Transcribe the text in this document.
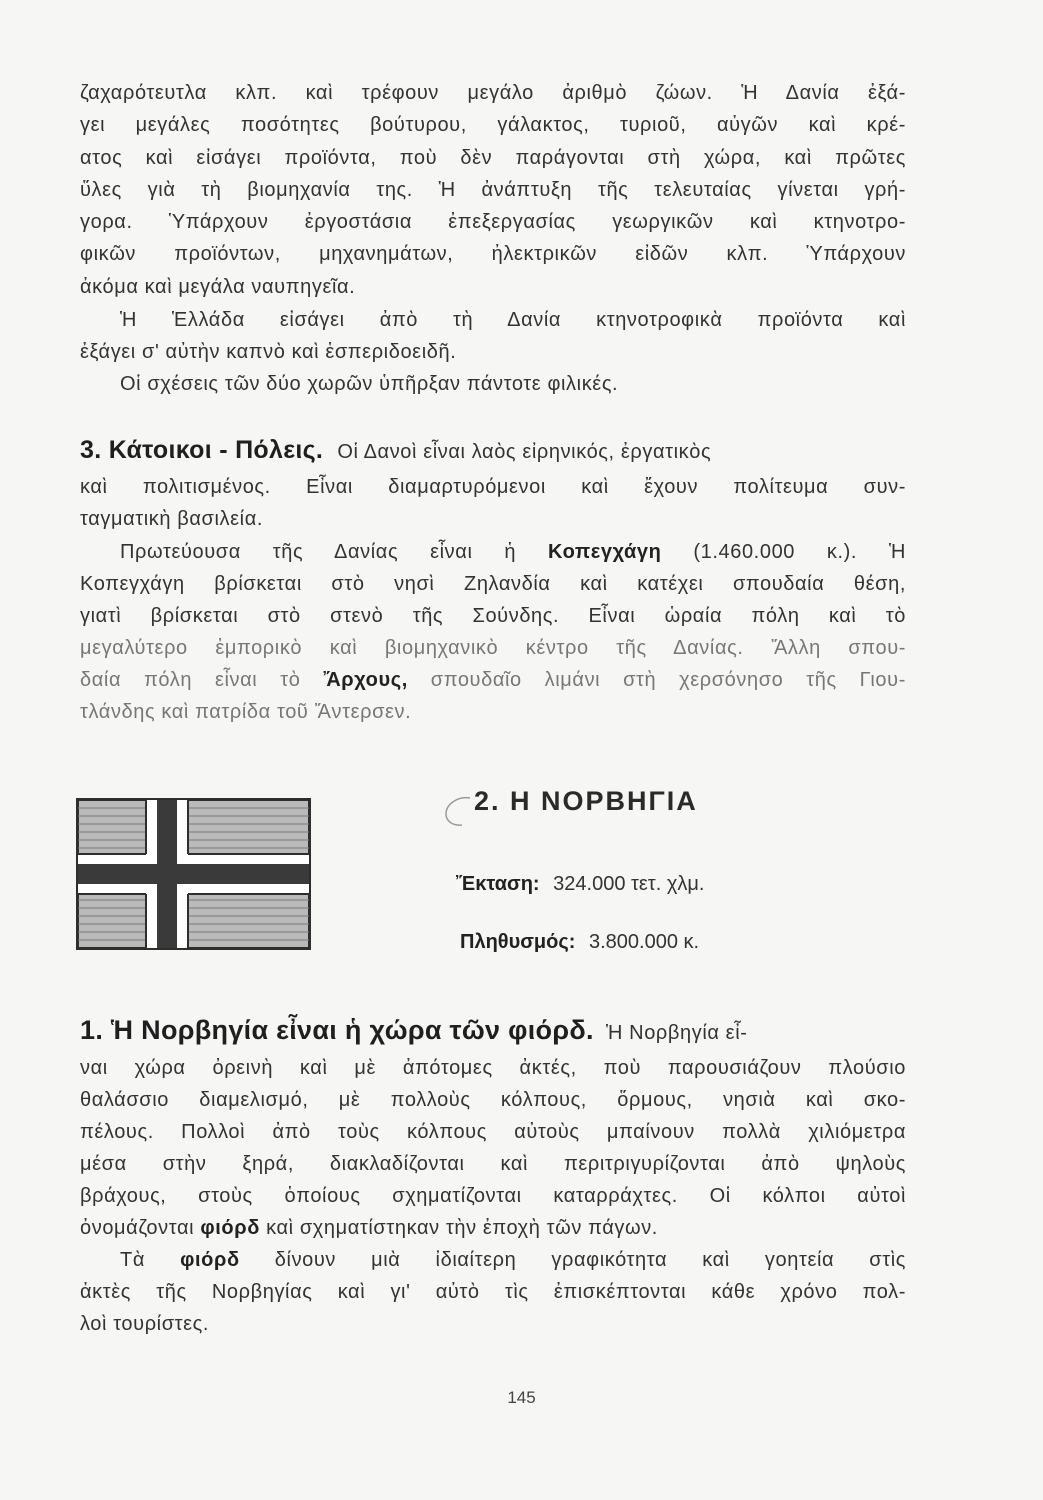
ζαχαρότευτλα κλπ. καὶ τρέφουν μεγάλο ἀριθμὸ ζώων. Ἡ Δανία ἐξά-
γει μεγάλες ποσότητες βούτυρου, γάλακτος, τυριοῦ, αὐγῶν καὶ κρέ-
ατος καὶ εἰσάγει προϊόντα, ποὺ δὲν παράγονται στὴ χώρα, καὶ πρῶτες
ὕλες γιὰ τὴ βιομηχανία της. Ἡ ἀνάπτυξη τῆς τελευταίας γίνεται γρή-
γορα. Ὑπάρχουν ἐργοστάσια ἐπεξεργασίας γεωργικῶν καὶ κτηνοτρο-
φικῶν προϊόντων, μηχανημάτων, ἠλεκτρικῶν εἰδῶν κλπ. Ὑπάρχουν
ἀκόμα καὶ μεγάλα ναυπηγεῖα.
Ἡ Ἑλλάδα εἰσάγει ἀπὸ τὴ Δανία κτηνοτροφικὰ προϊόντα καὶ
ἐξάγει σ' αὐτὴν καπνὸ καὶ ἑσπεριδοειδῆ.
Οἱ σχέσεις τῶν δύο χωρῶν ὑπῆρξαν πάντοτε φιλικές.
3. Κάτοικοι - Πόλεις. Οἱ Δανοὶ εἶναι λαὸς εἰρηνικός, ἐργατικὸς
καὶ πολιτισμένος. Εἶναι διαμαρτυρόμενοι καὶ ἔχουν πολίτευμα συν-
ταγματικὴ βασιλεία.
Πρωτεύουσα τῆς Δανίας εἶναι ἡ Κοπεγχάγη (1.460.000 κ.). Ἡ
Κοπεγχάγη βρίσκεται στὸ νησὶ Ζηλανδία καὶ κατέχει σπουδαία θέση,
γιατὶ βρίσκεται στὸ στενὸ τῆς Σούνδης. Εἶναι ὡραία πόλη καὶ τὸ
μεγαλύτερο ἐμπορικὸ καὶ βιομηχανικὸ κέντρο τῆς Δανίας. Ἄλλη σπου-
δαία πόλη εἶναι τὸ Ἄρχους, σπουδαῖο λιμάνι στὴ χερσόνησο τῆς Γιου-
τλάνδης καὶ πατρίδα τοῦ Ἄντερσεν.
2. Η ΝΟΡΒΗΓΙΑ
Ἔκταση: 324.000 τετ. χλμ.
Πληθυσμός: 3.800.000 κ.
1. Ἡ Νορβηγία εἶναι ἡ χώρα τῶν φιόρδ. Ἡ Νορβηγία εἶ-
ναι χώρα ὀρεινὴ καὶ μὲ ἀπότομες ἀκτές, ποὺ παρουσιάζουν πλούσιο
θαλάσσιο διαμελισμό, μὲ πολλοὺς κόλπους, ὅρμους, νησιὰ καὶ σκο-
πέλους. Πολλοὶ ἀπὸ τοὺς κόλπους αὐτοὺς μπαίνουν πολλὰ χιλιόμετρα
μέσα στὴν ξηρά, διακλαδίζονται καὶ περιτριγυρίζονται ἀπὸ ψηλοὺς
βράχους, στοὺς ὁποίους σχηματίζονται καταρράχτες. Οἱ κόλποι αὐτοὶ
ὀνομάζονται φιόρδ καὶ σχηματίστηκαν τὴν ἐποχὴ τῶν πάγων.
Τὰ φιόρδ δίνουν μιὰ ἰδιαίτερη γραφικότητα καὶ γοητεία στὶς
ἀκτὲς τῆς Νορβηγίας καὶ γι' αὐτὸ τὶς ἐπισκέπτονται κάθε χρόνο πολ-
λοὶ τουρίστες.
145
